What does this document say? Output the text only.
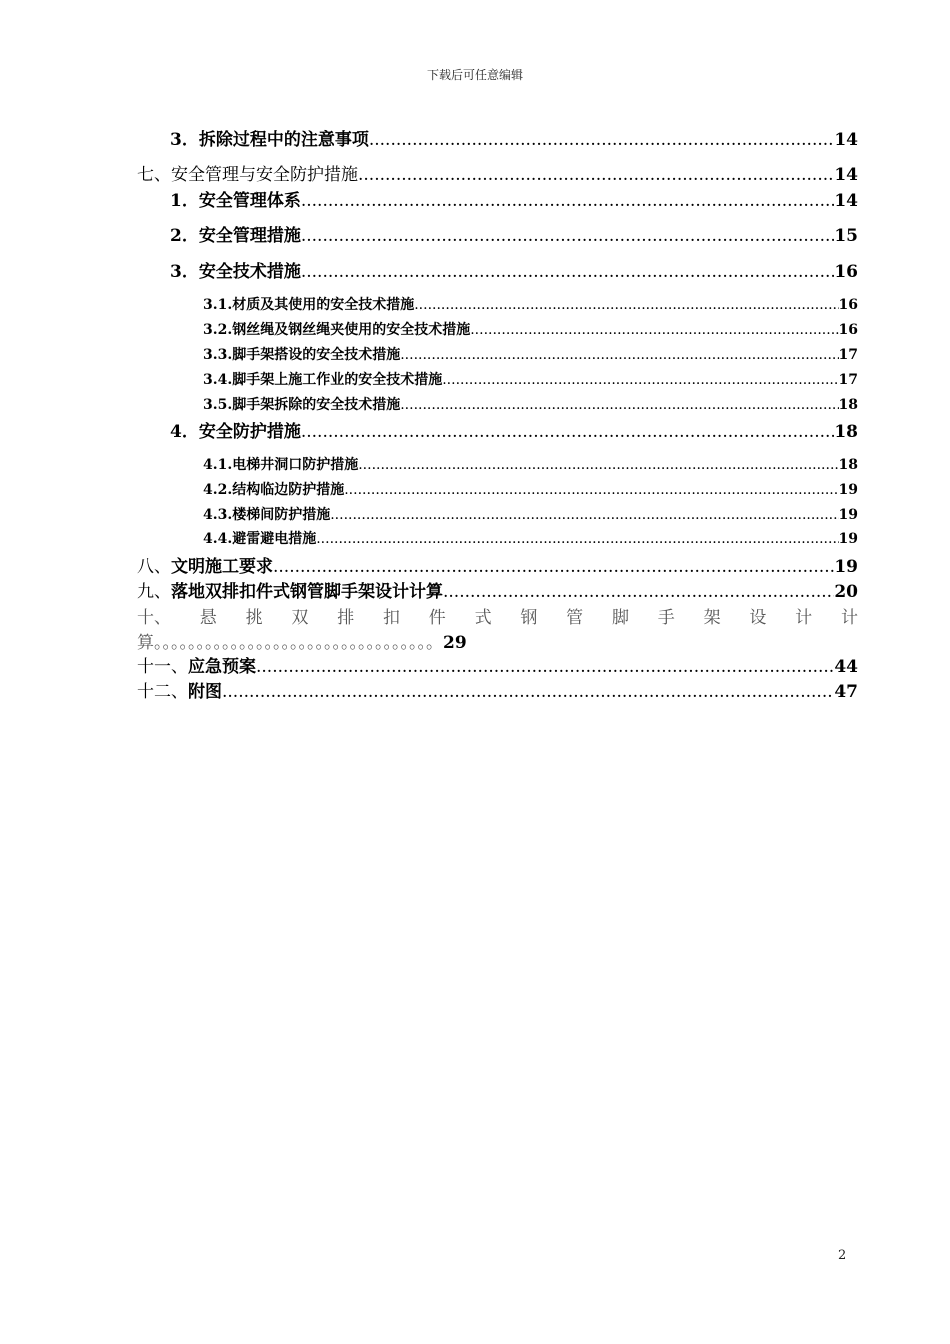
下载后可任意编辑
3． 拆除过程中的注意事项 .....	14
七、 安全管理与安全防护措施 .....	14
1． 安全管理体系 .....	14
2． 安全管理措施 .....	15
3． 安全技术措施 .....	16
3.1. 材质及其使用的安全技术措施 .....	16
3.2. 钢丝绳及钢丝绳夹使用的安全技术措施 .....	16
3.3. 脚手架搭设的安全技术措施 .....	17
3.4. 脚手架上施工作业的安全技术措施 .....	17
3.5. 脚手架拆除的安全技术措施 .....	18
4． 安全防护措施 .....	18
4.1. 电梯井洞口防护措施 .....	18
4.2. 结构临边防护措施 .....	19
4.3. 楼梯间防护措施 .....	19
4.4. 避雷避电措施 .....	19
八、 文明施工要求 .....	19
九、 落地双排扣件式钢管脚手架设计计算 .....	20
十、 悬 挑 双 排 扣 件 式 钢 管 脚 手 架 设 计 计
算。。。。。。。。。。。。。。。。。。。。。。。。。。。。。。。。。29
十一、 应急预案 .....	44
十二、 附图 .....	47
2
